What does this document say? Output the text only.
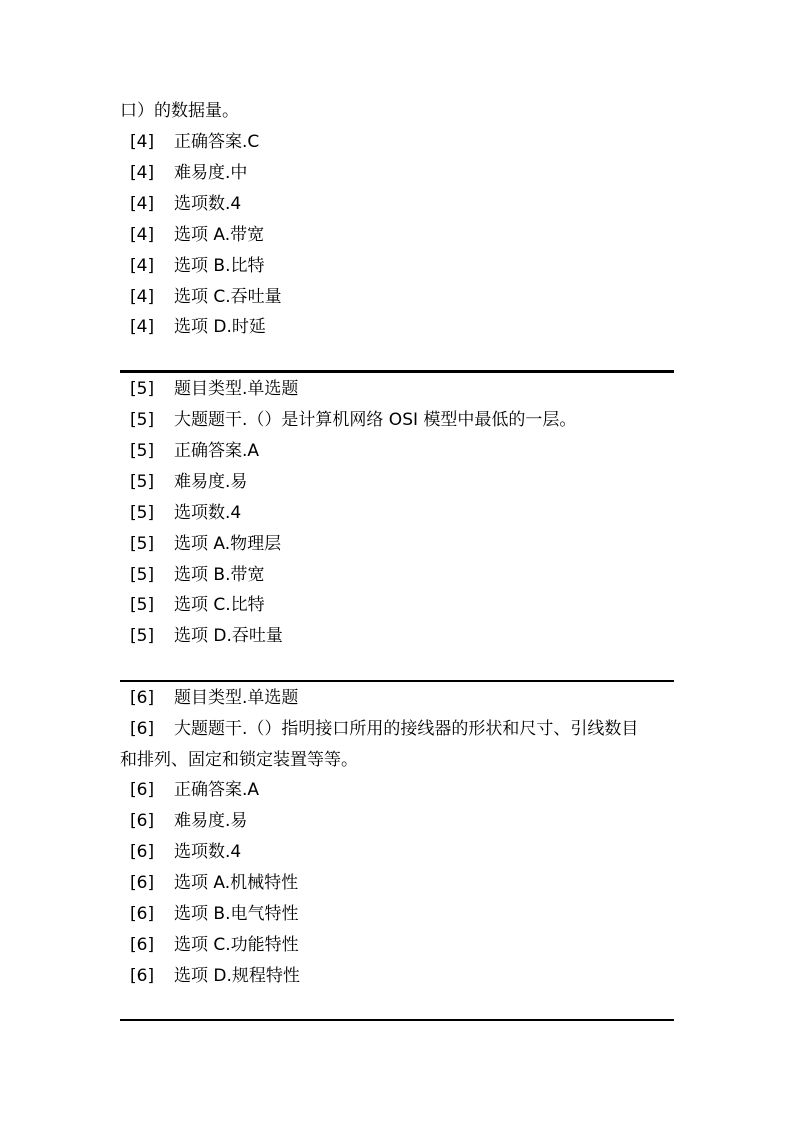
口）的数据量。
[4] 正确答案.C
[4] 难易度.中
[4] 选项数.4
[4] 选项 A.带宽
[4] 选项 B.比特
[4] 选项 C.吞吐量
[4] 选项 D.时延
[5] 题目类型.单选题
[5] 大题题干.（）是计算机网络 OSI 模型中最低的一层。
[5] 正确答案.A
[5] 难易度.易
[5] 选项数.4
[5] 选项 A.物理层
[5] 选项 B.带宽
[5] 选项 C.比特
[5] 选项 D.吞吐量
[6] 题目类型.单选题
[6] 大题题干.（）指明接口所用的接线器的形状和尺寸、引线数目
和排列、固定和锁定装置等等。
[6] 正确答案.A
[6] 难易度.易
[6] 选项数.4
[6] 选项 A.机械特性
[6] 选项 B.电气特性
[6] 选项 C.功能特性
[6] 选项 D.规程特性
